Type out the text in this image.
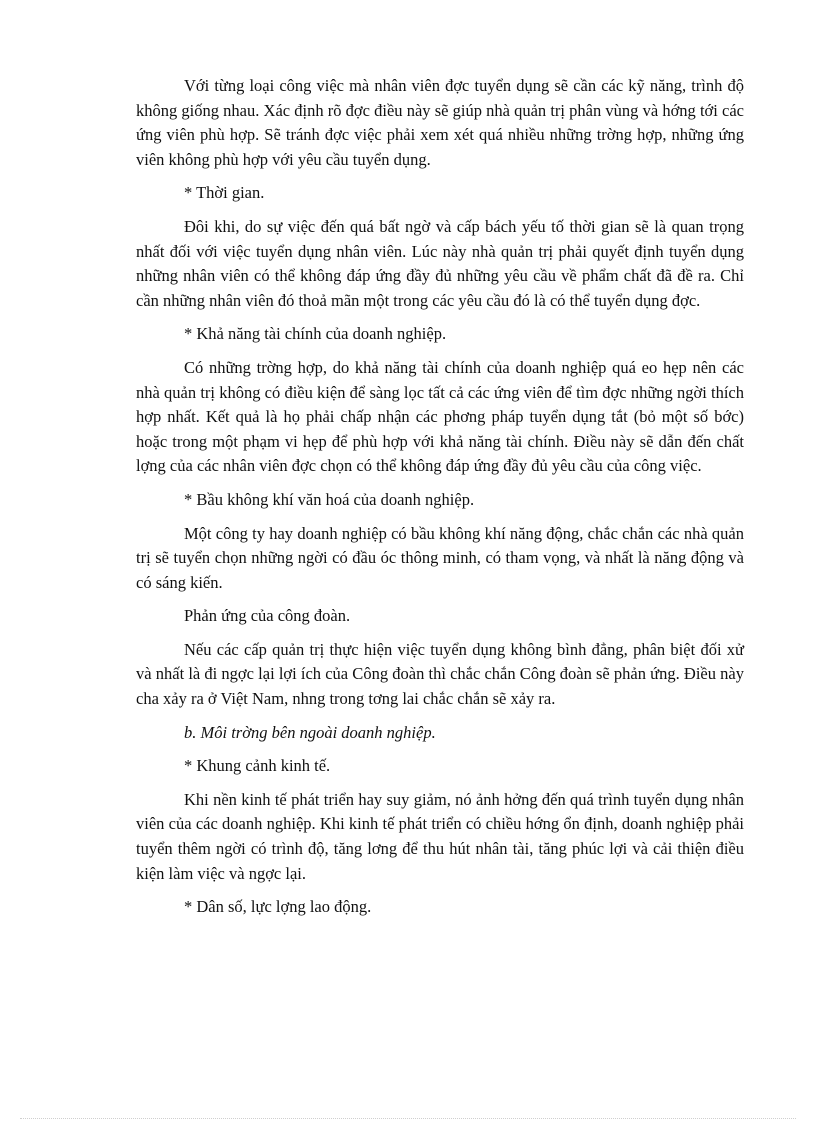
Với từng loại công việc mà nhân viên đợc tuyển dụng sẽ cần các kỹ năng, trình độ không giống nhau. Xác định rõ đợc điều này sẽ giúp nhà quản trị phân vùng và hớng tới các ứng viên phù hợp. Sẽ tránh đợc việc phải xem xét quá nhiều những trờng hợp, những ứng viên không phù hợp với yêu cầu tuyển dụng.

* Thời gian.

Đôi khi, do sự việc đến quá bất ngờ và cấp bách yếu tố thời gian sẽ là quan trọng nhất đối với việc tuyển dụng nhân viên. Lúc này nhà quản trị phải quyết định tuyển dụng những nhân viên có thể không đáp ứng đầy đủ những yêu cầu về phẩm chất đã đề ra. Chỉ cần những nhân viên đó thoả mãn một trong các yêu cầu đó là có thể tuyển dụng đợc.

* Khả năng tài chính của doanh nghiệp.

Có những trờng hợp, do khả năng tài chính của doanh nghiệp quá eo hẹp nên các nhà quản trị không có điều kiện để sàng lọc tất cả các ứng viên để tìm đợc những ngời thích hợp nhất. Kết quả là họ phải chấp nhận các phơng pháp tuyển dụng tắt (bỏ một số bớc) hoặc trong một phạm vi hẹp để phù hợp với khả năng tài chính. Điều này sẽ dẫn đến chất lợng của các nhân viên đợc chọn có thể không đáp ứng đầy đủ yêu cầu của công việc.

* Bầu không khí văn hoá của doanh nghiệp.

Một công ty hay doanh nghiệp có bầu không khí năng động, chắc chắn các nhà quản trị sẽ tuyển chọn những ngời có đầu óc thông minh, có tham vọng, và nhất là năng động và có sáng kiến.

Phản ứng của công đoàn.

Nếu các cấp quản trị thực hiện việc tuyển dụng không bình đẳng, phân biệt đối xử và nhất là đi ngợc lại lợi ích của Công đoàn thì chắc chắn Công đoàn sẽ phản ứng. Điều này cha xảy ra ở Việt Nam, nhng trong tơng lai chắc chắn sẽ xảy ra.

b. Môi trờng bên ngoài doanh nghiệp.

* Khung cảnh kinh tế.

Khi nền kinh tế phát triển hay suy giảm, nó ảnh hởng đến quá trình tuyển dụng nhân viên của các doanh nghiệp. Khi kinh tế phát triển có chiều hớng ổn định, doanh nghiệp phải tuyển thêm ngời có trình độ, tăng lơng để thu hút nhân tài, tăng phúc lợi và cải thiện điều kiện làm việc và ngợc lại.

* Dân số, lực lợng lao động.
